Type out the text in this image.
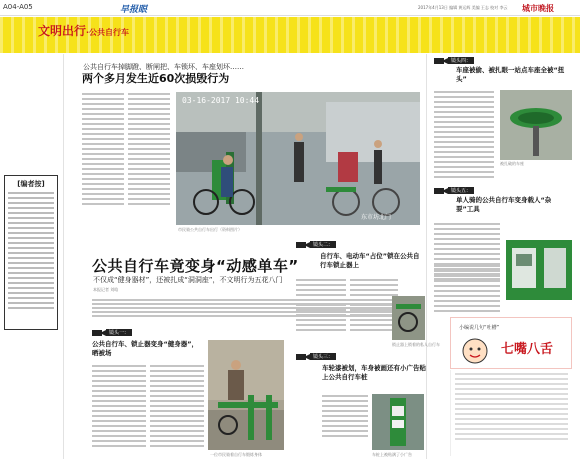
A04-A05	早报眼	2017年4月13日 编辑 黄运辉 美编 王志 校对 李云 城市晚报
文明出行·公共自行车
[编者按]
公共自行车掉脚蹬、断闸把、车锁坏、车座划坏……
两个多月发生近60次损毁行为
03-16-2017 10:44
东市坊北门
市民骑公共自行车出行（资料图片）
公共自行车竟变身“动感单车”
不仅成“健身器材”，还被扎成“洞洞座”，不文明行为五花八门
本报记者 刘晗
镜头一：
公共自行车、锁止器变身“健身器”，晒被场
一位市民骑着自行车锻炼身体
镜头二：
自行车、电动车“占位”锁在公共自行车锁止器上
锁止器上锁着的私人自行车
镜头三：
车轮漆被划，车身被画还有小广告贴上公共自行车桩
车桩上被贴满了小广告
镜头四：
车座被偷、被扎眼一站点车座全被“扭头”
被扎破的车座
镜头五：
单人骑的公共自行车变身载人“杂耍”工具
小编说几句“吐槽”
七嘴八舌
